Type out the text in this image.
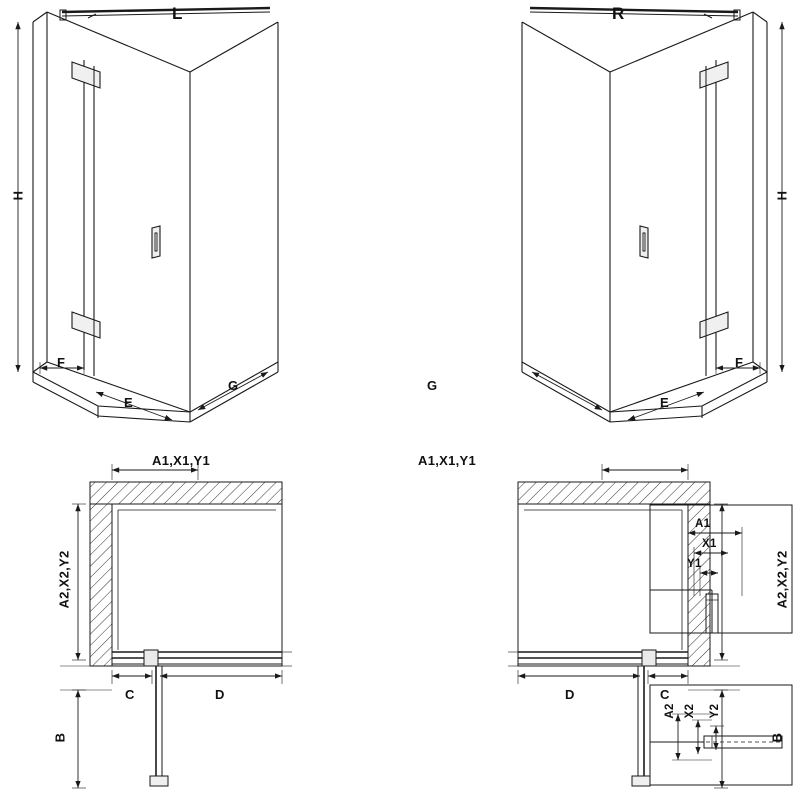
L	R
H
F
E
G
H
F
E
G
A1,X1,Y1
A2,X2,Y2
C	D
B
A1,X1,Y1
A2,X2,Y2
D	C
B
A1
X1
Y1
A2 X2 Y2
